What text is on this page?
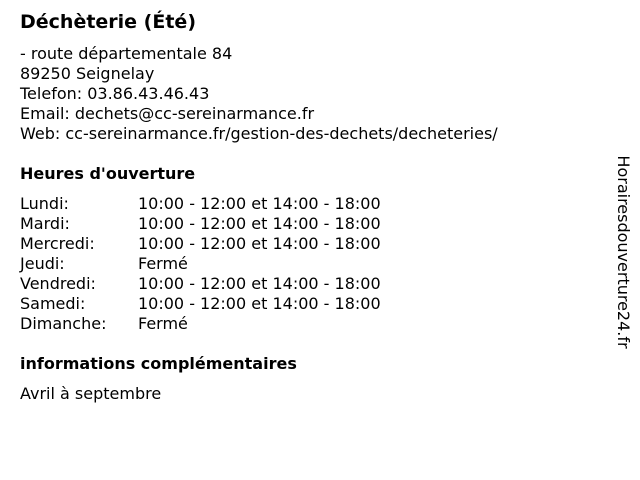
Déchèterie (Été)
- route départementale 84
89250 Seignelay
Telefon: 03.86.43.46.43
Email: dechets@cc-sereinarmance.fr
Web: cc-sereinarmance.fr/gestion-des-dechets/decheteries/
Heures d'ouverture
Lundi:	10:00 - 12:00 et 14:00 - 18:00
Mardi:	10:00 - 12:00 et 14:00 - 18:00
Mercredi:	10:00 - 12:00 et 14:00 - 18:00
Jeudi:	Fermé
Vendredi:	10:00 - 12:00 et 14:00 - 18:00
Samedi:	10:00 - 12:00 et 14:00 - 18:00
Dimanche:	Fermé
informations complémentaires
Avril à septembre
Horairesdouverture24.fr
